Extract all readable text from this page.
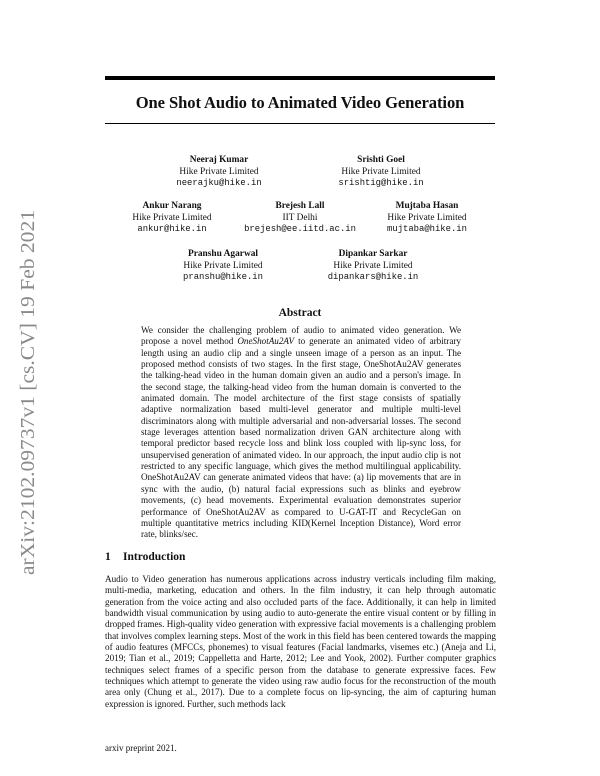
arXiv:2102.09737v1 [cs.CV] 19 Feb 2021
One Shot Audio to Animated Video Generation
Neeraj Kumar
Hike Private Limited
neerajku@hike.in
Srishti Goel
Hike Private Limited
srishtig@hike.in
Ankur Narang
Hike Private Limited
ankur@hike.in
Brejesh Lall
IIT Delhi
brejesh@ee.iitd.ac.in
Mujtaba Hasan
Hike Private Limited
mujtaba@hike.in
Pranshu Agarwal
Hike Private Limited
pranshu@hike.in
Dipankar Sarkar
Hike Private Limited
dipankars@hike.in
Abstract
We consider the challenging problem of audio to animated video generation. We propose a novel method OneShotAu2AV to generate an animated video of arbitrary length using an audio clip and a single unseen image of a person as an input. The proposed method consists of two stages. In the first stage, OneShotAu2AV generates the talking-head video in the human domain given an audio and a person's image. In the second stage, the talking-head video from the human domain is converted to the animated domain. The model architecture of the first stage consists of spatially adaptive normalization based multi-level generator and multiple multi-level discriminators along with multiple adversarial and non-adversarial losses. The second stage leverages attention based normalization driven GAN architecture along with temporal predictor based recycle loss and blink loss coupled with lip-sync loss, for unsupervised generation of animated video. In our approach, the input audio clip is not restricted to any specific language, which gives the method multilingual applicability. OneShotAu2AV can generate animated videos that have: (a) lip movements that are in sync with the audio, (b) natural facial expressions such as blinks and eyebrow movements, (c) head movements. Experimental evaluation demonstrates superior performance of OneShotAu2AV as compared to U-GAT-IT and RecycleGan on multiple quantitative metrics including KID(Kernel Inception Distance), Word error rate, blinks/sec.
1 Introduction
Audio to Video generation has numerous applications across industry verticals including film making, multi-media, marketing, education and others. In the film industry, it can help through automatic generation from the voice acting and also occluded parts of the face. Additionally, it can help in limited bandwidth visual communication by using audio to auto-generate the entire visual content or by filling in dropped frames. High-quality video generation with expressive facial movements is a challenging problem that involves complex learning steps. Most of the work in this field has been centered towards the mapping of audio features (MFCCs, phonemes) to visual features (Facial landmarks, visemes etc.) (Aneja and Li, 2019; Tian et al., 2019; Cappelletta and Harte, 2012; Lee and Yook, 2002). Further computer graphics techniques select frames of a specific person from the database to generate expressive faces. Few techniques which attempt to generate the video using raw audio focus for the reconstruction of the mouth area only (Chung et al., 2017). Due to a complete focus on lip-syncing, the aim of capturing human expression is ignored. Further, such methods lack
arxiv preprint 2021.
